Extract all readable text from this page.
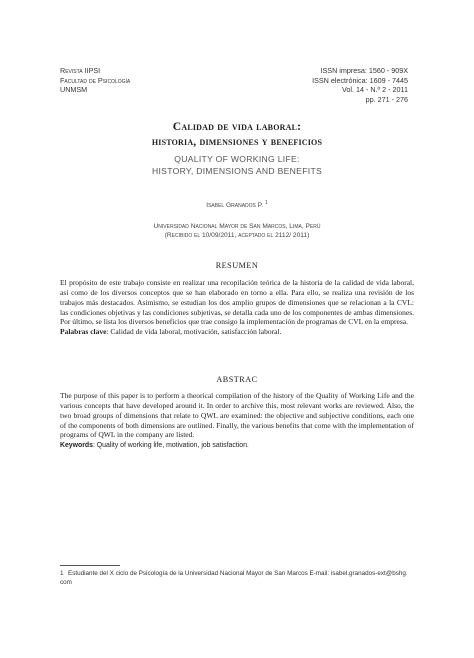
Revista IIPSI
Facultad de Psicología
UNMSM
ISSN impresa: 1560 - 909X
ISSN electrónica: 1609 - 7445
Vol. 14 - N.º 2 - 2011
pp. 271 - 276
Calidad de vida laboral:
historia, dimensiones y beneficios
QUALITY OF WORKING LIFE:
HISTORY, DIMENSIONS AND BENEFITS
Isabel Granados P. $^1$
Universidad Nacional Mayor de San Marcos, Lima, Perú
(Recibido el 10/09/2011, aceptado el 2112/ 2011)
RESUMEN
El propósito de este trabajo consiste en realizar una recopilación teórica de la historia de la calidad de vida laboral, así como de los diversos conceptos que se han elaborado en torno a ella. Para ello, se realiza una revisión de los trabajos más destacados. Asimismo, se estudian los dos amplio grupos de dimensiones que se relacionan a la CVL: las condiciones objetivas y las condiciones subjetivas, se detalla cada uno de los componentes de ambas dimensiones. Por último, se lista los diversos beneficios que trae consigo la implementación de programas de CVL en la empresa.
Palabras clave: Calidad de vida laboral, motivación, satisfacción laboral.
ABSTRAC
The purpose of this paper is to perform a theorical compilation of the history of the Quality of Working Life and the various concepts that have developed around it. In order to archive this, most relevant works are reviewed. Also, the two broad groups of dimensions that relate to QWL are examined: the objective and subjective conditions, each one of the components of both dimensions are outlined. Finally, the various benefits that come with the implementation of programs of QWL in the company are listed.
Keywords: Quality of working life, motivation, job satisfaction.
1 Estudiante del X ciclo de Psicología de la Universidad Nacional Mayor de San Marcos E-mail: isabel.granados-ext@bshg. com
